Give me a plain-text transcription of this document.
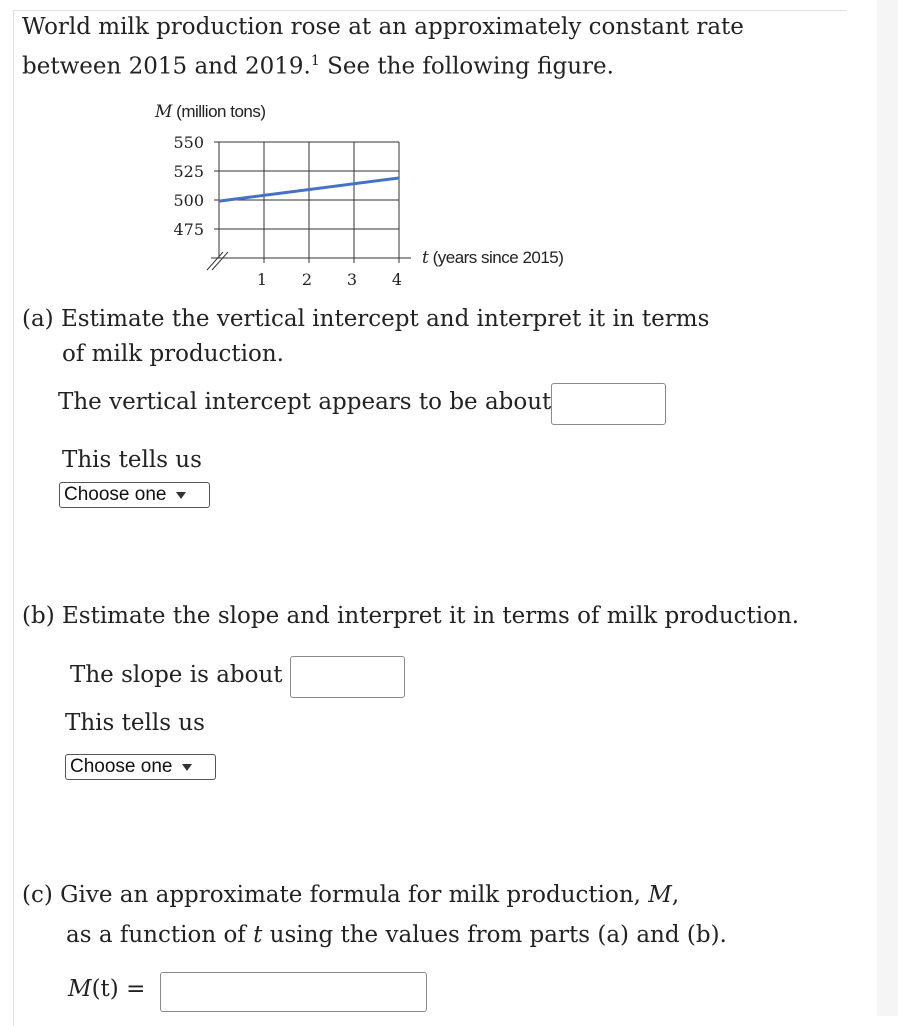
World milk production rose at an approximately constant rate
between 2015 and 2019.$^1$ See the following figure.
M (million tons)
550
525
500
475
1 2 3 4
t (years since 2015)
(a) Estimate the vertical intercept and interpret it in terms
of milk production.
The vertical intercept appears to be about
This tells us
Choose one
(b) Estimate the slope and interpret it in terms of milk production.
The slope is about
This tells us
Choose one
(c) Give an approximate formula for milk production, M,
as a function of t using the values from parts (a) and (b).
M(t) =
